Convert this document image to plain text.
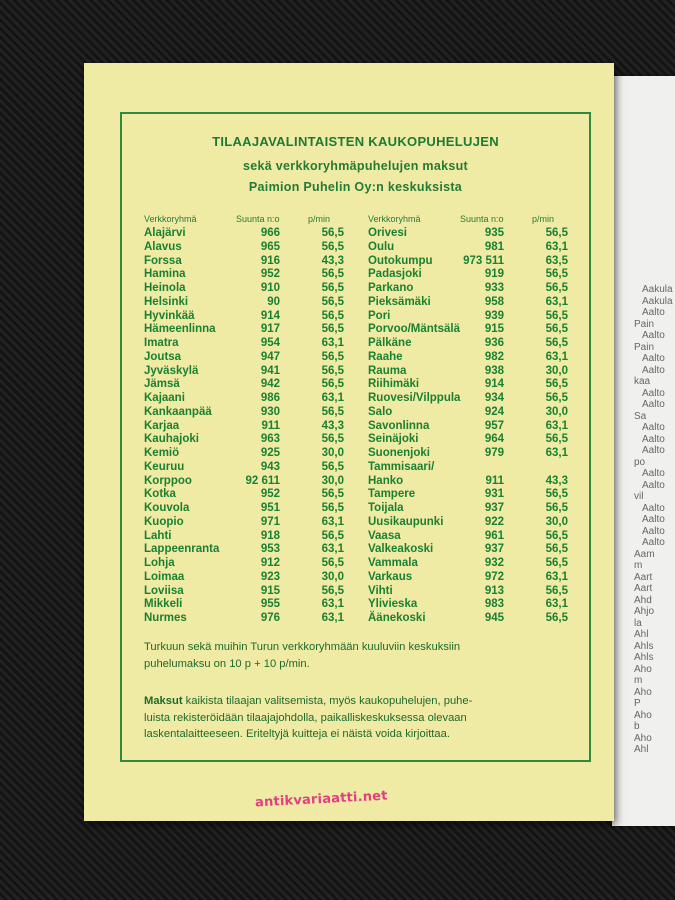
Aakula
Aakula
Aalto
Pain
Aalto
Pain
Aalto
Aalto
kaa
Aalto
Aalto
Sa
Aalto
Aalto
Aalto
po
Aalto
Aalto
vil
Aalto
Aalto
Aalto
Aalto
Aam
m
Aart
Aart
Ahd
Ahjo
la
Ahl
Ahls
Ahls
Aho
m
Aho
P
Aho
b
Aho
Ahl
TILAAJAVALINTAISTEN KAUKOPUHELUJEN
sekä verkkoryhmäpuhelujen maksut
Paimion Puhelin Oy:n keskuksista
Verkkoryhmä	Suunta n:o	p/min	Verkkoryhmä	Suunta n:o	p/min
Alajärvi	966	56,5
Alavus	965	56,5
Forssa	916	43,3
Hamina	952	56,5
Heinola	910	56,5
Helsinki	90	56,5
Hyvinkää	914	56,5
Hämeenlinna	917	56,5
Imatra	954	63,1
Joutsa	947	56,5
Jyväskylä	941	56,5
Jämsä	942	56,5
Kajaani	986	63,1
Kankaanpää	930	56,5
Karjaa	911	43,3
Kauhajoki	963	56,5
Kemiö	925	30,0
Keuruu	943	56,5
Korppoo	92 611	30,0
Kotka	952	56,5
Kouvola	951	56,5
Kuopio	971	63,1
Lahti	918	56,5
Lappeenranta	953	63,1
Lohja	912	56,5
Loimaa	923	30,0
Loviisa	915	56,5
Mikkeli	955	63,1
Nurmes	976	63,1
Orivesi	935	56,5
Oulu	981	63,1
Outokumpu	973 511	63,5
Padasjoki	919	56,5
Parkano	933	56,5
Pieksämäki	958	63,1
Pori	939	56,5
Porvoo/Mäntsälä 915	56,5
Pälkäne	936	56,5
Raahe	982	63,1
Rauma	938	30,0
Riihimäki	914	56,5
Ruovesi/Vilppula 934	56,5
Salo	924	30,0
Savonlinna	957	63,1
Seinäjoki	964	56,5
Suonenjoki	979	63,1
Tammisaari/
Hanko	911	43,3
Tampere	931	56,5
Toijala	937	56,5
Uusikaupunki	922	30,0
Vaasa	961	56,5
Valkeakoski	937	56,5
Vammala	932	56,5
Varkaus	972	63,1
Vihti	913	56,5
Ylivieska	983	63,1
Äänekoski	945	56,5
Turkuun sekä muihin Turun verkkoryhmään kuuluviin keskuksiin
puhelumaksu on 10 p + 10 p/min.
Maksut kaikista tilaajan valitsemista, myös kaukopuhelujen, puhe-
luista rekisteröidään tilaajajohdolla, paikalliskeskuksessa olevaan
laskentalaitteeseen. Eriteltyjä kuitteja ei näistä voida kirjoittaa.
antikvariaatti.net
